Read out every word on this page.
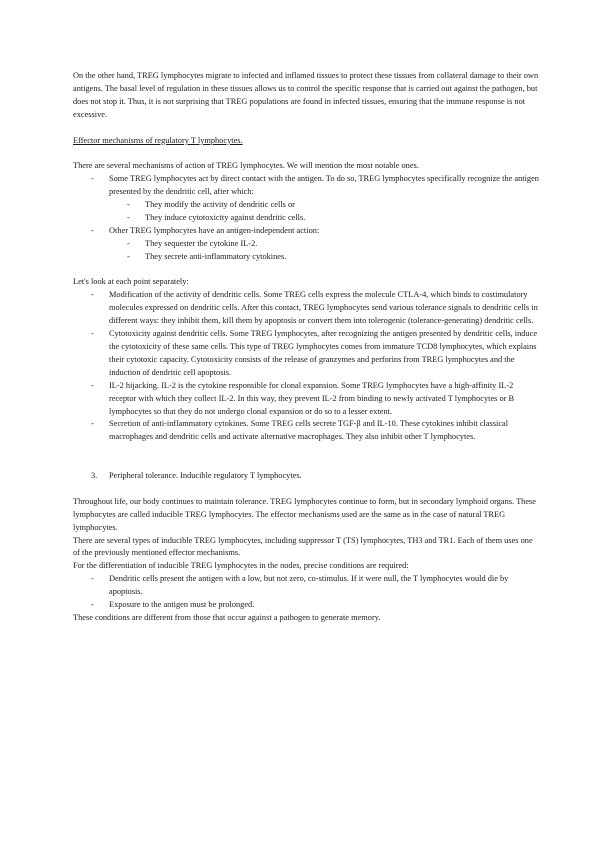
On the other hand, TREG lymphocytes migrate to infected and inflamed tissues to protect these tissues from collateral damage to their own antigens. The basal level of regulation in these tissues allows us to control the specific response that is carried out against the pathogen, but does not stop it. Thus, it is not surprising that TREG populations are found in infected tissues, ensuring that the immune response is not excessive.

Effector mechanisms of regulatory T lymphocytes.

There are several mechanisms of action of TREG lymphocytes. We will mention the most notable ones.

- Some TREG lymphocytes act by direct contact with the antigen. To do so, TREG lymphocytes specifically recognize the antigen presented by the dendritic cell, after which:
- They modify the activity of dendritic cells or
- They induce cytotoxicity against dendritic cells.
- Other TREG lymphocytes have an antigen-independent action:
- They sequester the cytokine IL-2.
- They secrete anti-inflammatory cytokines.

Let's look at each point separately:

- Modification of the activity of dendritic cells. Some TREG cells express the molecule CTLA-4, which binds to costimulatory molecules expressed on dendritic cells. After this contact, TREG lymphocytes send various tolerance signals to dendritic cells in different ways: they inhibit them, kill them by apoptosis or convert them into tolerogenic (tolerance-generating) dendritic cells.
- Cytotoxicity against dendritic cells. Some TREG lymphocytes, after recognizing the antigen presented by dendritic cells, induce the cytotoxicity of these same cells. This type of TREG lymphocytes comes from immature TCD8 lymphocytes, which explains their cytotoxic capacity. Cytotoxicity consists of the release of granzymes and perforins from TREG lymphocytes and the induction of dendritic cell apoptosis.
- IL-2 hijacking. IL-2 is the cytokine responsible for clonal expansion. Some TREG lymphocytes have a high-affinity IL-2 receptor with which they collect IL-2. In this way, they prevent IL-2 from binding to newly activated T lymphocytes or B lymphocytes so that they do not undergo clonal expansion or do so to a lesser extent.
- Secretion of anti-inflammatory cytokines. Some TREG cells secrete TGF-β and IL-10. These cytokines inhibit classical macrophages and dendritic cells and activate alternative macrophages. They also inhibit other T lymphocytes.

3. Peripheral tolerance. Inducible regulatory T lymphocytes.

Throughout life, our body continues to maintain tolerance. TREG lymphocytes continue to form, but in secondary lymphoid organs. These lymphocytes are called inducible TREG lymphocytes. The effector mechanisms used are the same as in the case of natural TREG lymphocytes.

There are several types of inducible TREG lymphocytes, including suppressor T (TS) lymphocytes, TH3 and TR1. Each of them uses one of the previously mentioned effector mechanisms.

For the differentiation of inducible TREG lymphocytes in the nodes, precise conditions are required:

- Dendritic cells present the antigen with a low, but not zero, co-stimulus. If it were null, the T lymphocytes would die by apoptosis.
- Exposure to the antigen must be prolonged.

These conditions are different from those that occur against a pathogen to generate memory.
